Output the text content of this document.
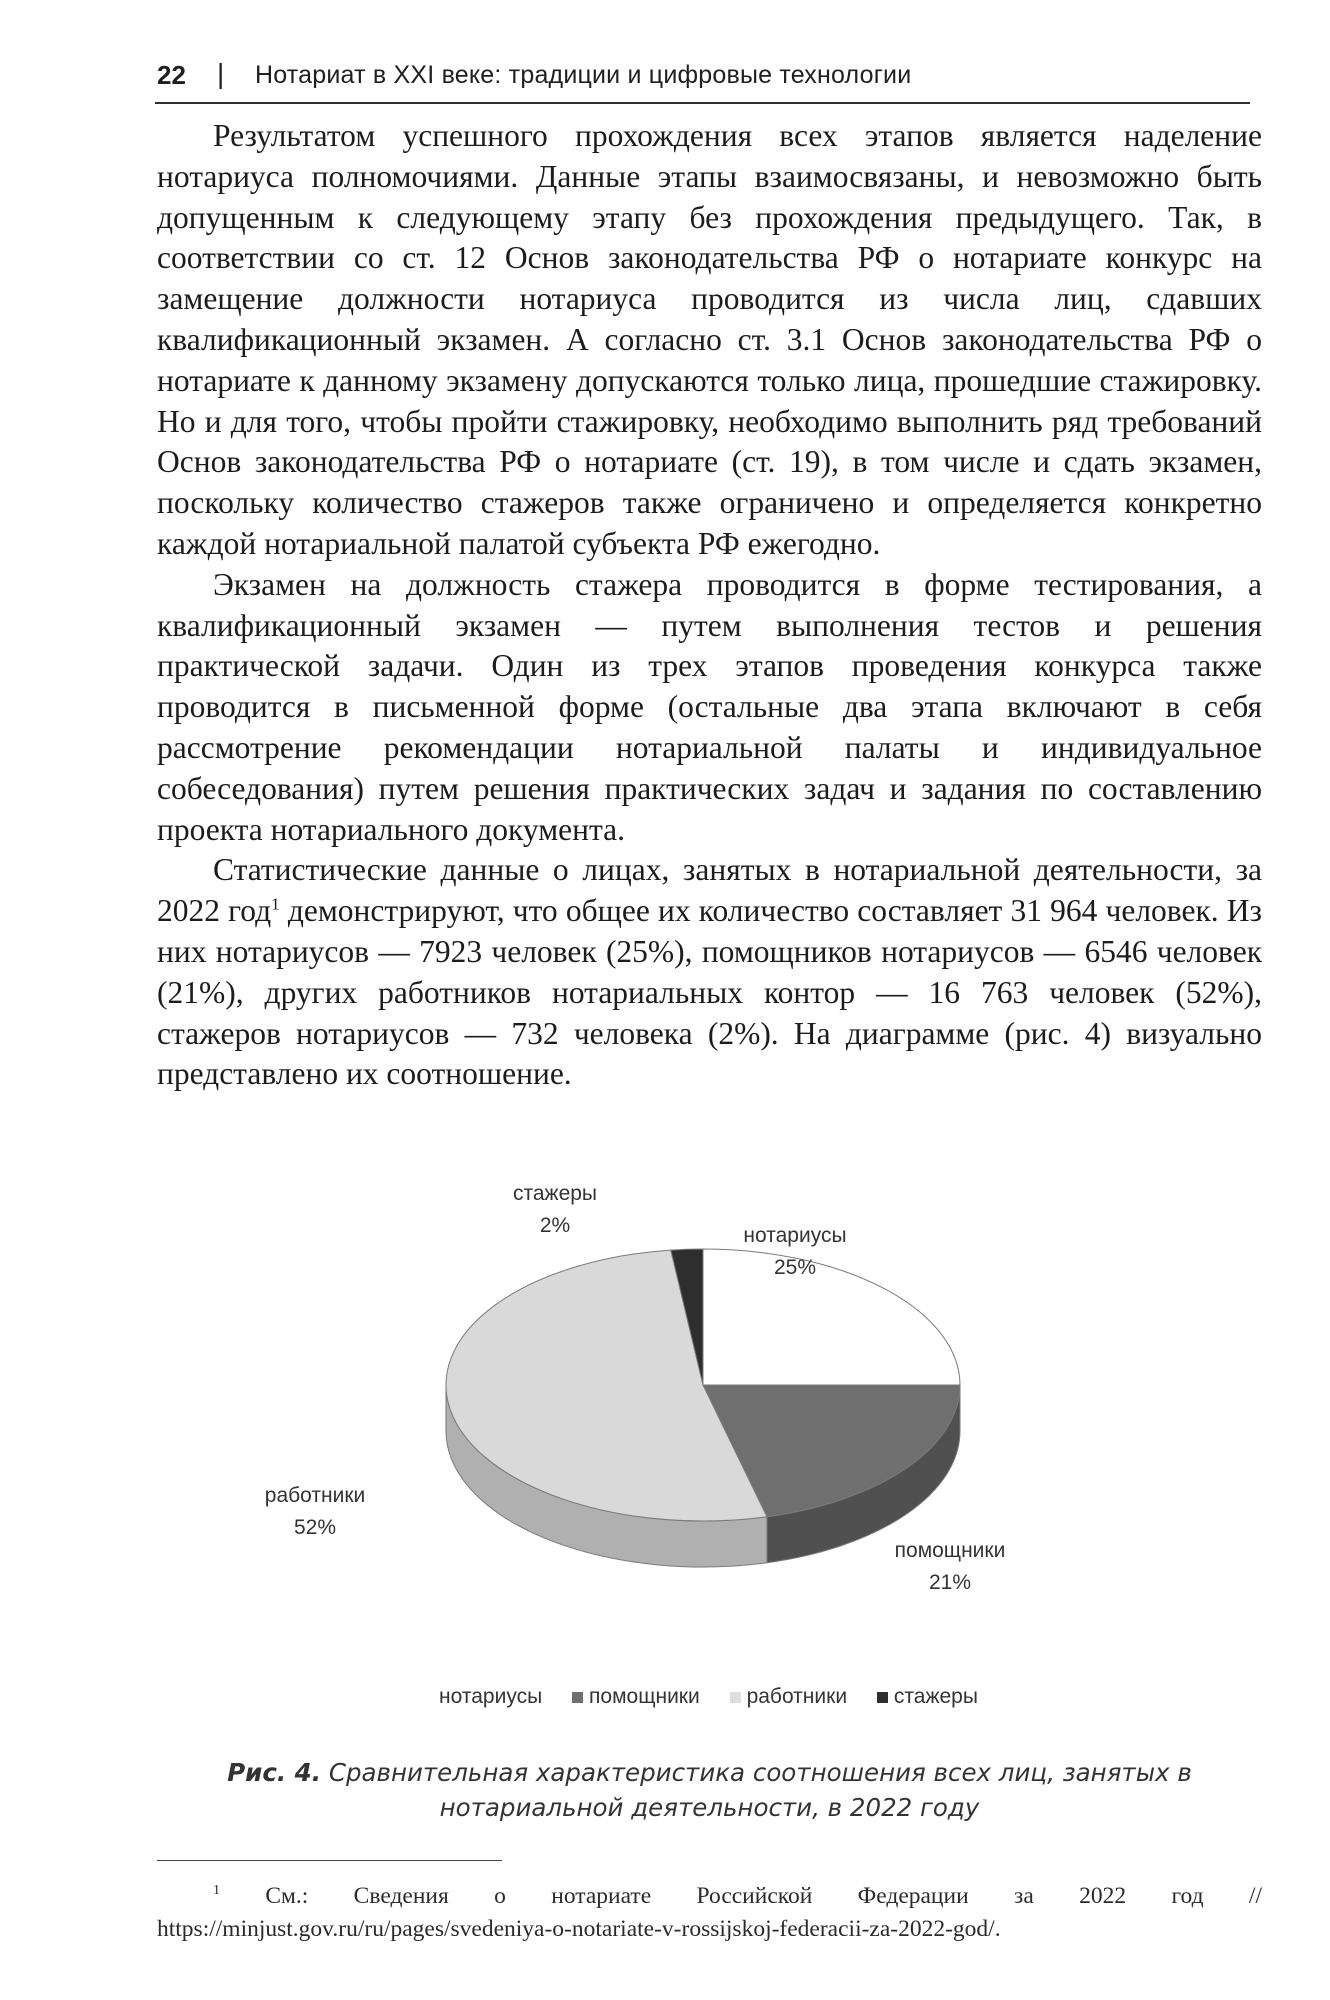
22 | Нотариат в XXI веке: традиции и цифровые технологии

Результатом успешного прохождения всех этапов является наделение нотариуса полномочиями. Данные этапы взаимосвязаны, и невозможно быть допущенным к следующему этапу без прохождения предыдущего. Так, в соответствии со ст. 12 Основ законодательства РФ о нотариате конкурс на замещение должности нотариуса проводится из числа лиц, сдавших квалификационный экзамен. А согласно ст. 3.1 Основ законодательства РФ о нотариате к данному экзамену допускаются только лица, прошедшие стажировку. Но и для того, чтобы пройти стажировку, необходимо выполнить ряд требований Основ законодательства РФ о нотариате (ст. 19), в том числе и сдать экзамен, поскольку количество стажеров также ограничено и определяется конкретно каждой нотариальной палатой субъекта РФ ежегодно.

Экзамен на должность стажера проводится в форме тестирования, а квалификационный экзамен — путем выполнения тестов и решения практической задачи. Один из трех этапов проведения конкурса также проводится в письменной форме (остальные два этапа включают в себя рассмотрение рекомендации нотариальной палаты и индивидуальное собеседования) путем решения практических задач и задания по составлению проекта нотариального документа.

Статистические данные о лицах, занятых в нотариальной деятельности, за 2022 год$^1$ демонстрируют, что общее их количество составляет 31 964 человек. Из них нотариусов — 7923 человек (25%), помощников нотариусов — 6546 человек (21%), других работников нотариальных контор — 16 763 человек (52%), стажеров нотариусов — 732 человека (2%). На диаграмме (рис. 4) визуально представлено их соотношение.

стажеры
2%	нотариусы
25%
работники
52%
помощники
21%
нотариусы помощники работники стажеры
Рис. 4. Сравнительная характеристика соотношения всех лиц, занятых в нотариальной деятельности, в 2022 году
$^1$ См.: Сведения о нотариате Российской Федерации за 2022 год // https://minjust.gov.ru/ru/pages/svedeniya-o-notariate-v-rossijskoj-federacii-za-2022-god/.
